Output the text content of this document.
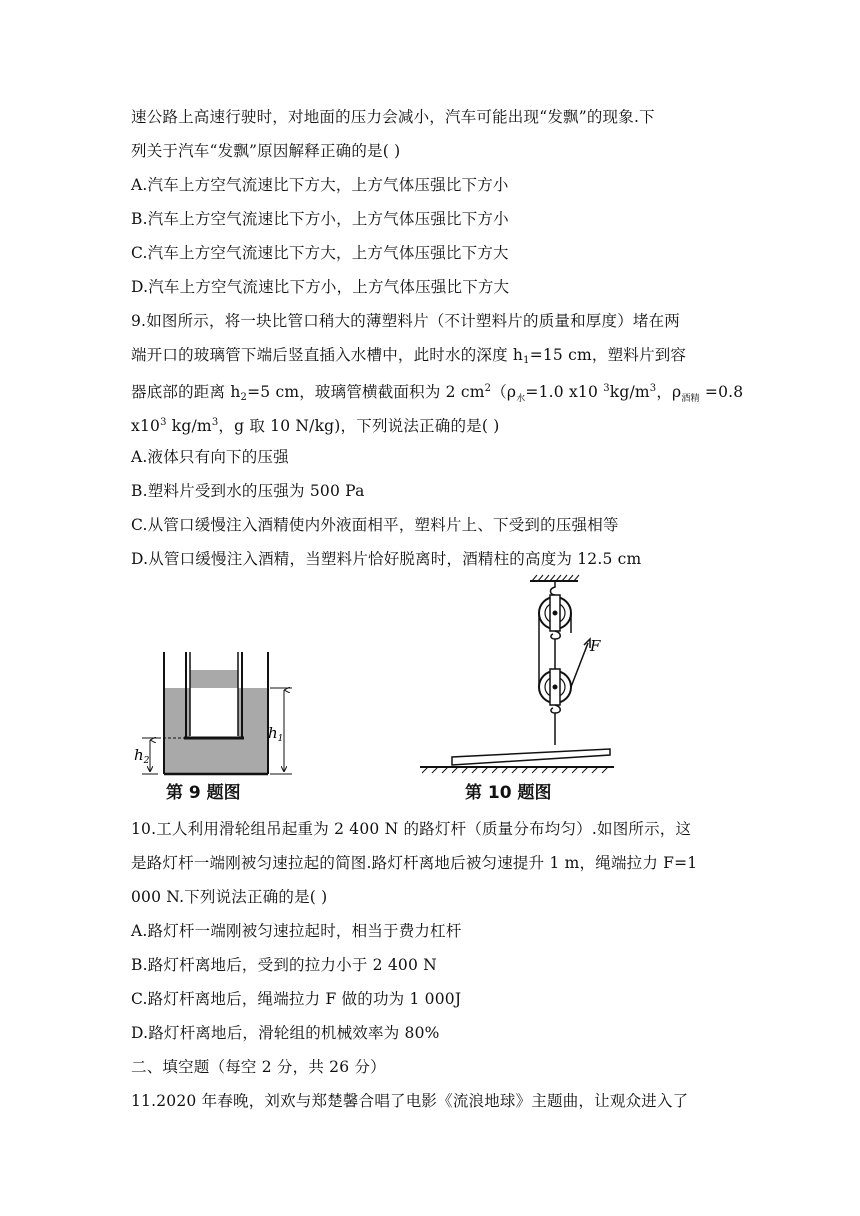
速公路上高速行驶时，对地面的压力会减小，汽车可能出现“发飘”的现象.下
列关于汽车“发飘”原因解释正确的是( )
A.汽车上方空气流速比下方大，上方气体压强比下方小
B.汽车上方空气流速比下方小，上方气体压强比下方小
C.汽车上方空气流速比下方大，上方气体压强比下方大
D.汽车上方空气流速比下方小，上方气体压强比下方大
9.如图所示，将一块比管口稍大的薄塑料片（不计塑料片的质量和厚度）堵在两
端开口的玻璃管下端后竖直插入水槽中，此时水的深度 $h_1=15$ cm，塑料片到容
器底部的距离 $h_2=5$ cm，玻璃管横截面积为 2 $cm^2(\rho_水=1.0$ x10 $^3kg/m^3$，$\rho_{酒精} =0.8$
$x10^3$ $kg/m^3$，g 取 10 N/kg)，下列说法正确的是( )
A.液体只有向下的压强
B.塑料片受到水的压强为 500 Pa
C.从管口缓慢注入酒精使内外液面相平，塑料片上、下受到的压强相等
D.从管口缓慢注入酒精，当塑料片恰好脱离时，酒精柱的高度为 12.5 cm
$h_1$
$h_2$
第 9 题图
F
第 10 题图
10.工人利用滑轮组吊起重为 2 400 N 的路灯杆（质量分布均匀）.如图所示，这
是路灯杆一端刚被匀速拉起的简图.路灯杆离地后被匀速提升 1 m，绳端拉力 F=1
000 N.下列说法正确的是( )
A.路灯杆一端刚被匀速拉起时，相当于费力杠杆
B.路灯杆离地后，受到的拉力小于 2 400 N
C.路灯杆离地后，绳端拉力 F 做的功为 1 000J
D.路灯杆离地后，滑轮组的机械效率为 80%
二、填空题（每空 2 分，共 26 分）
11.2020 年春晚，刘欢与郑楚馨合唱了电影《流浪地球》主题曲，让观众进入了
